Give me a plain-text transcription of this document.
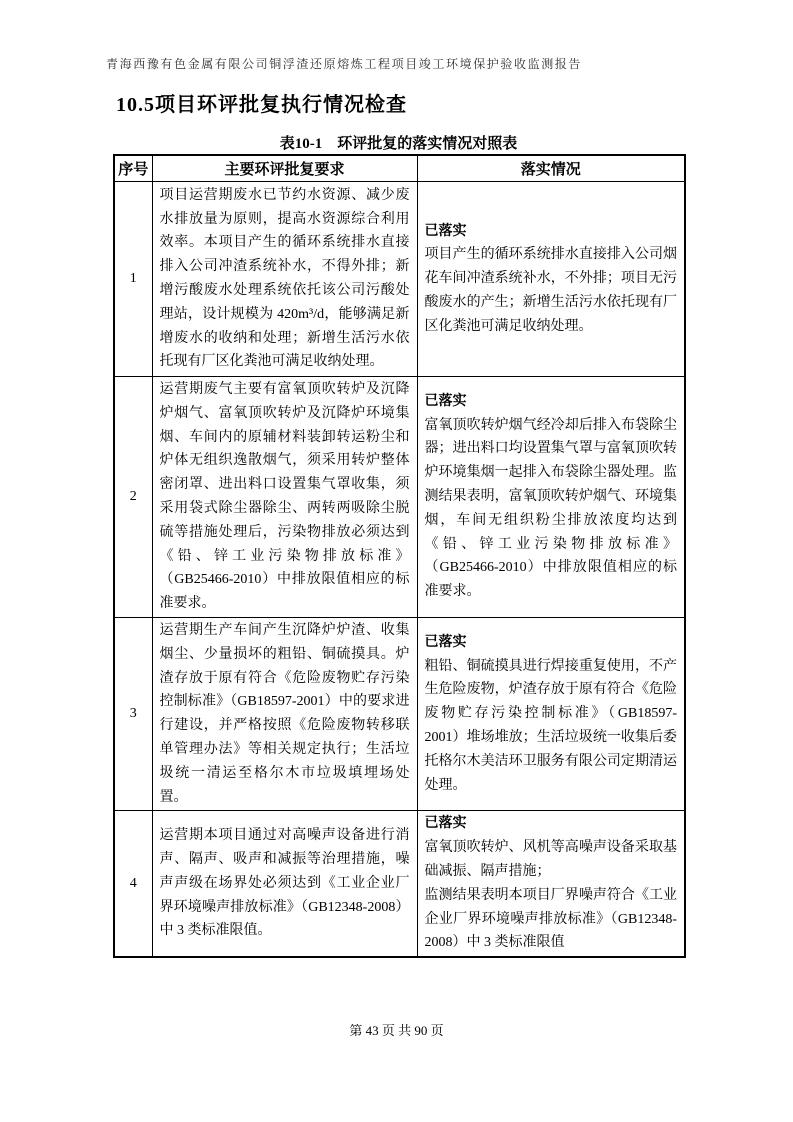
青海西豫有色金属有限公司铜浮渣还原熔炼工程项目竣工环境保护验收监测报告
10.5项目环评批复执行情况检查
表10-1　环评批复的落实情况对照表
序号	主要环评批复要求	落实情况
1	项目运营期废水已节约水资源、减少废水排放量为原则，提高水资源综合利用效率。本项目产生的循环系统排水直接排入公司冲渣系统补水，不得外排；新增污酸废水处理系统依托该公司污酸处理站，设计规模为 420m³/d，能够满足新增废水的收纳和处理；新增生活污水依托现有厂区化粪池可满足收纳处理。	已落实
项目产生的循环系统排水直接排入公司烟花车间冲渣系统补水，不外排；项目无污酸废水的产生；新增生活污水依托现有厂区化粪池可满足收纳处理。

2	运营期废气主要有富氧顶吹转炉及沉降炉烟气、富氧顶吹转炉及沉降炉环境集烟、车间内的原辅材料装卸转运粉尘和炉体无组织逸散烟气，须采用转炉整体密闭罩、进出料口设置集气罩收集，须采用袋式除尘器除尘、两转两吸除尘脱硫等措施处理后，污染物排放必须达到《铅、锌工业污染物排放标准》（GB25466-2010）中排放限值相应的标准要求。	已落实
富氧顶吹转炉烟气经冷却后排入布袋除尘器；进出料口均设置集气罩与富氧顶吹转炉环境集烟一起排入布袋除尘器处理。监测结果表明，富氧顶吹转炉烟气、环境集烟，车间无组织粉尘排放浓度均达到《铅、锌工业污染物排放标准》（GB25466-2010）中排放限值相应的标准要求。

3	运营期生产车间产生沉降炉炉渣、收集烟尘、少量损坏的粗铅、铜硫摸具。炉渣存放于原有符合《危险废物贮存污染控制标准》（GB18597-2001）中的要求进行建设，并严格按照《危险废物转移联单管理办法》等相关规定执行；生活垃圾统一清运至格尔木市垃圾填埋场处置。	已落实
粗铅、铜硫摸具进行焊接重复使用，不产生危险废物，炉渣存放于原有符合《危险废物贮存污染控制标准》（GB18597-2001）堆场堆放；生活垃圾统一收集后委托格尔木美洁环卫服务有限公司定期清运处理。

4	运营期本项目通过对高噪声设备进行消声、隔声、吸声和减振等治理措施，噪声声级在场界处必须达到《工业企业厂界环境噪声排放标准》（GB12348-2008）中 3 类标准限值。	已落实
富氧顶吹转炉、风机等高噪声设备采取基础减振、隔声措施；
监测结果表明本项目厂界噪声符合《工业企业厂界环境噪声排放标准》（GB12348-2008）中 3 类标准限值
第 43 页 共 90 页
